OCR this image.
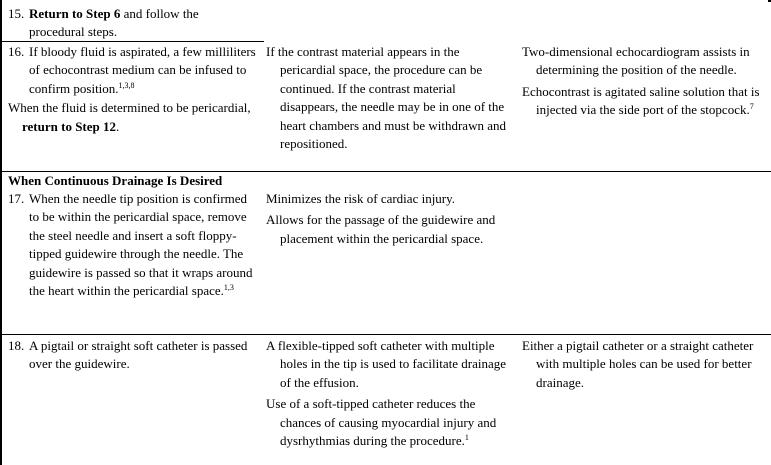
15. Return to Step 6 and follow the procedural steps.
16. If bloody fluid is aspirated, a few milliliters of echocontrast medium can be infused to confirm position.$^{1,3,8}$
When the fluid is determined to be pericardial, return to Step 12.
If the contrast material appears in the pericardial space, the procedure can be continued. If the contrast material disappears, the needle may be in one of the heart chambers and must be withdrawn and repositioned.
Two-dimensional echocardiogram assists in determining the position of the needle.
Echocontrast is agitated saline solution that is injected via the side port of the stopcock.$^7$
When Continuous Drainage Is Desired
17. When the needle tip position is confirmed to be within the pericardial space, remove the steel needle and insert a soft floppy-tipped guidewire through the needle. The guidewire is passed so that it wraps around the heart within the pericardial space.$^{1,3}$
Minimizes the risk of cardiac injury.
Allows for the passage of the guidewire and placement within the pericardial space.
18. A pigtail or straight soft catheter is passed over the guidewire.
A flexible-tipped soft catheter with multiple holes in the tip is used to facilitate drainage of the effusion.
Use of a soft-tipped catheter reduces the chances of causing myocardial injury and dysrhythmias during the procedure.$^1$
Either a pigtail catheter or a straight catheter with multiple holes can be used for better drainage.
